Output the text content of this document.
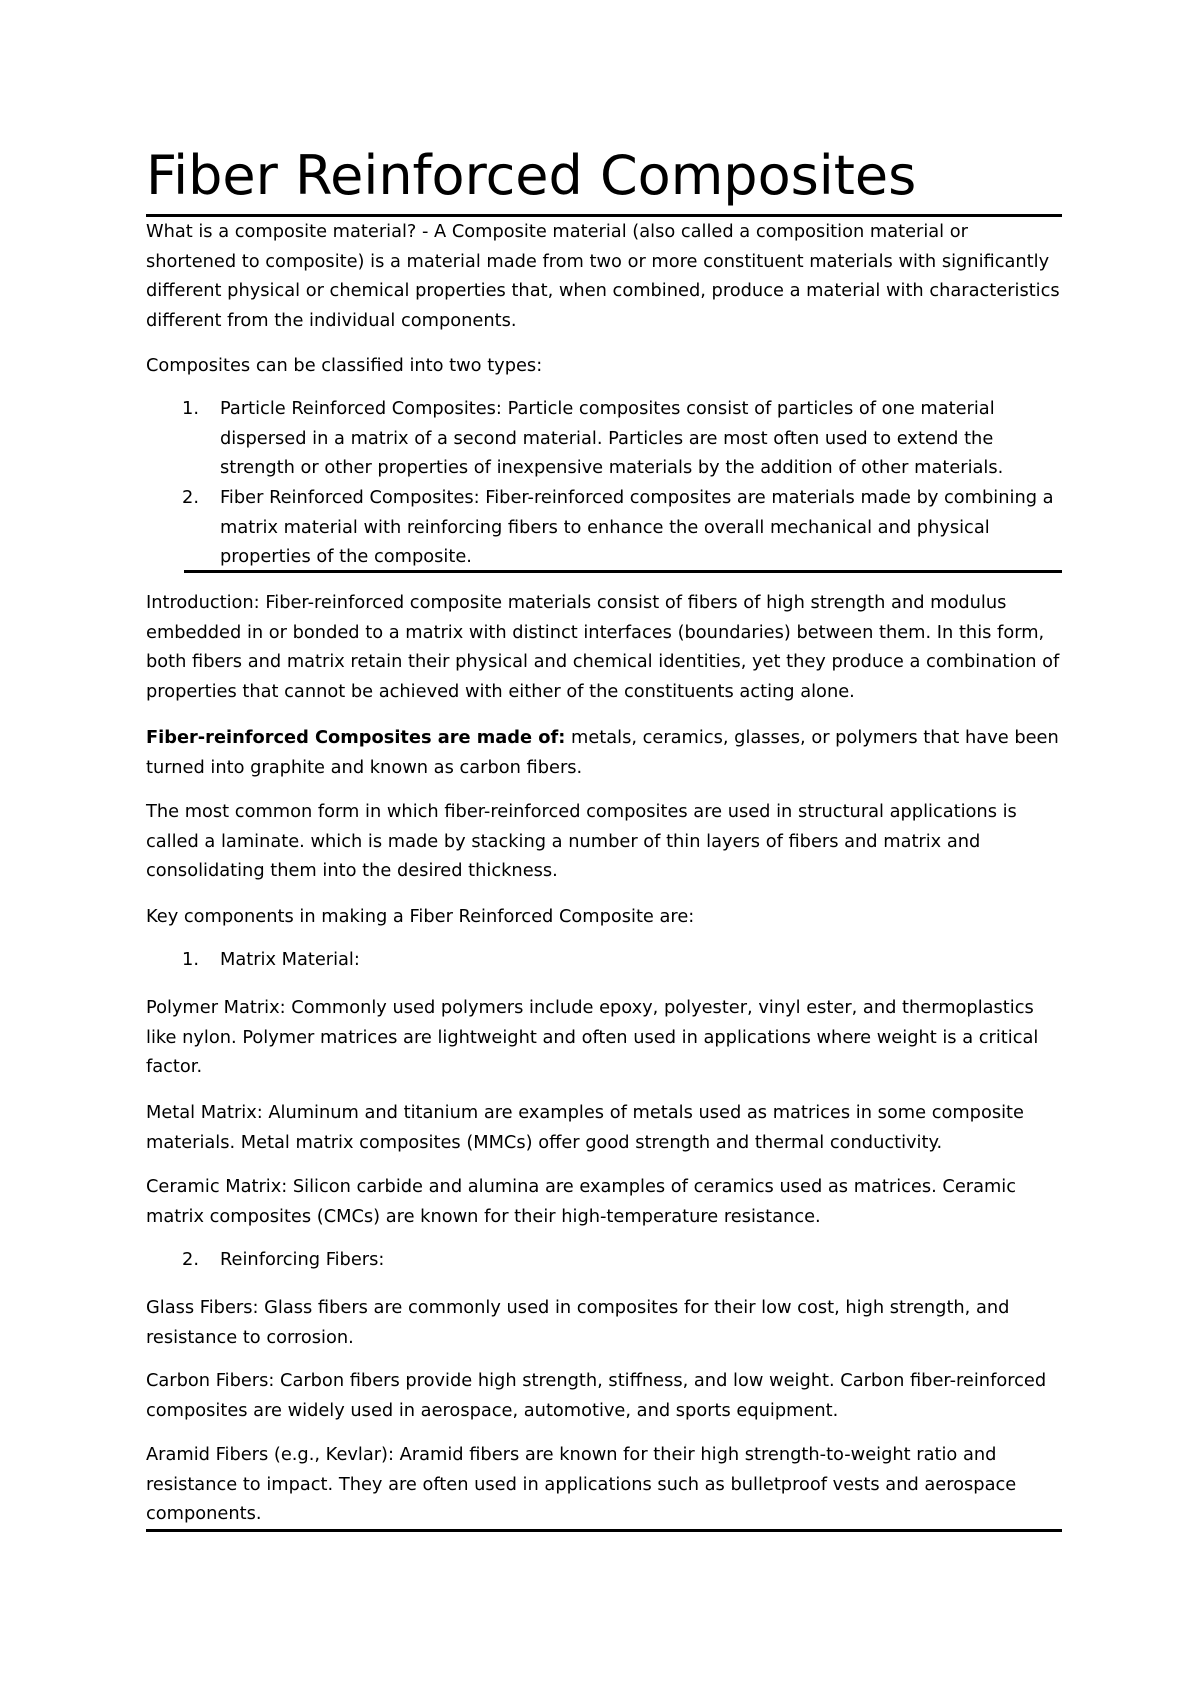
Fiber Reinforced Composites

What is a composite material? - A Composite material (also called a composition material or shortened to composite) is a material made from two or more constituent materials with significantly different physical or chemical properties that, when combined, produce a material with characteristics different from the individual components.

Composites can be classified into two types:

1. Particle Reinforced Composites: Particle composites consist of particles of one material dispersed in a matrix of a second material. Particles are most often used to extend the strength or other properties of inexpensive materials by the addition of other materials.
2. Fiber Reinforced Composites: Fiber-reinforced composites are materials made by combining a matrix material with reinforcing fibers to enhance the overall mechanical and physical properties of the composite.

Introduction: Fiber-reinforced composite materials consist of fibers of high strength and modulus embedded in or bonded to a matrix with distinct interfaces (boundaries) between them. In this form, both fibers and matrix retain their physical and chemical identities, yet they produce a combination of properties that cannot be achieved with either of the constituents acting alone.

Fiber-reinforced Composites are made of: metals, ceramics, glasses, or polymers that have been turned into graphite and known as carbon fibers.

The most common form in which fiber-reinforced composites are used in structural applications is called a laminate. which is made by stacking a number of thin layers of fibers and matrix and consolidating them into the desired thickness.

Key components in making a Fiber Reinforced Composite are:

1. Matrix Material:

Polymer Matrix: Commonly used polymers include epoxy, polyester, vinyl ester, and thermoplastics like nylon. Polymer matrices are lightweight and often used in applications where weight is a critical factor.

Metal Matrix: Aluminum and titanium are examples of metals used as matrices in some composite materials. Metal matrix composites (MMCs) offer good strength and thermal conductivity.

Ceramic Matrix: Silicon carbide and alumina are examples of ceramics used as matrices. Ceramic matrix composites (CMCs) are known for their high-temperature resistance.

2. Reinforcing Fibers:

Glass Fibers: Glass fibers are commonly used in composites for their low cost, high strength, and resistance to corrosion.

Carbon Fibers: Carbon fibers provide high strength, stiffness, and low weight. Carbon fiber-reinforced composites are widely used in aerospace, automotive, and sports equipment.

Aramid Fibers (e.g., Kevlar): Aramid fibers are known for their high strength-to-weight ratio and resistance to impact. They are often used in applications such as bulletproof vests and aerospace components.
